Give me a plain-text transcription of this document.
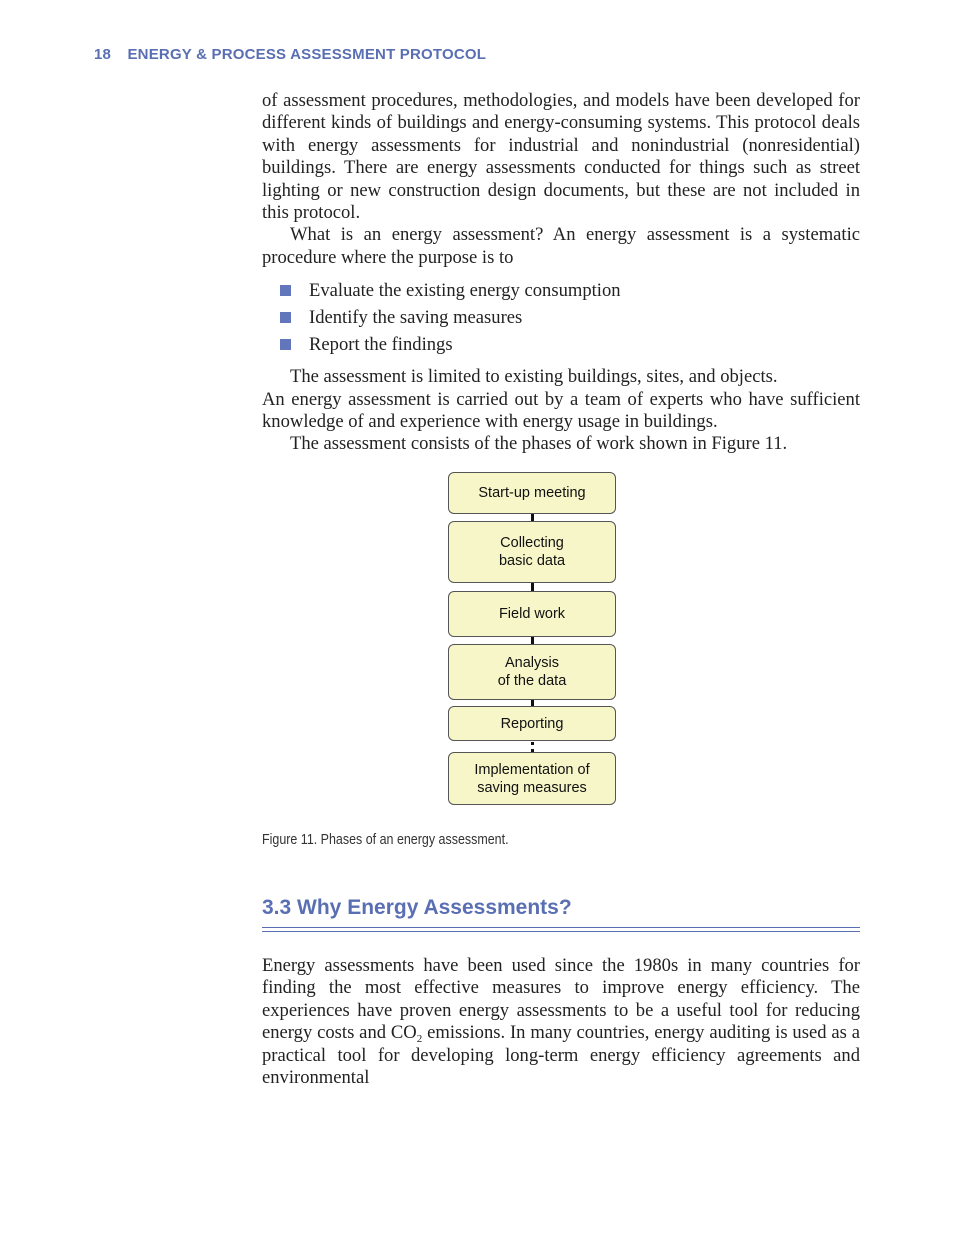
18 ENERGY & PROCESS ASSESSMENT PROTOCOL

of assessment procedures, methodologies, and models have been developed for different kinds of buildings and energy-consuming systems. This protocol deals with energy assessments for industrial and nonindustrial (nonresidential) buildings. There are energy assessments conducted for things such as street lighting or new construction design documents, but these are not included in this protocol.

What is an energy assessment? An energy assessment is a systematic procedure where the purpose is to

Evaluate the existing energy consumption
Identify the saving measures
Report the findings

The assessment is limited to existing buildings, sites, and objects.

An energy assessment is carried out by a team of experts who have sufficient knowledge of and experience with energy usage in buildings.

The assessment consists of the phases of work shown in Figure 11.

Start-up meeting
Collecting
basic data
Field work
Analysis
of the data
Reporting
Implementation of
saving measures
Figure 11. Phases of an energy assessment.
3.3 Why Energy Assessments?

Energy assessments have been used since the 1980s in many countries for finding the most effective measures to improve energy efficiency. The experiences have proven energy assessments to be a useful tool for reducing energy costs and $CO_2$ emissions. In many countries, energy auditing is used as a practical tool for developing long-term energy efficiency agreements and environmental
